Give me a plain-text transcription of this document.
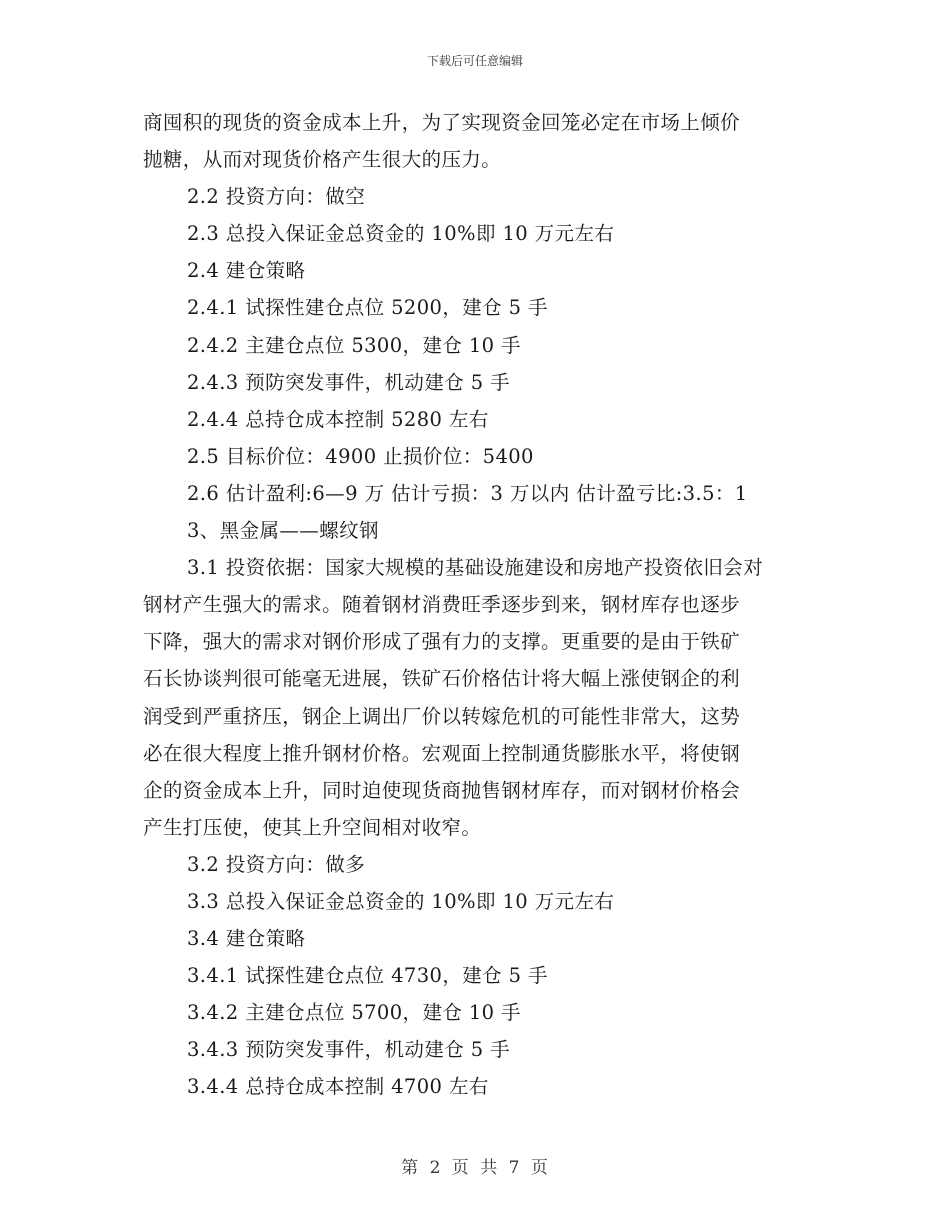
下载后可任意编辑
商囤积的现货的资金成本上升，为了实现资金回笼必定在市场上倾价
抛糖，从而对现货价格产生很大的压力。
2.2 投资方向：做空
2.3 总投入保证金总资金的 10%即 10 万元左右
2.4 建仓策略
2.4.1 试探性建仓点位 5200，建仓 5 手
2.4.2 主建仓点位 5300，建仓 10 手
2.4.3 预防突发事件，机动建仓 5 手
2.4.4 总持仓成本控制 5280 左右
2.5 目标价位：4900 止损价位：5400
2.6 估计盈利:6—9 万 估计亏损：3 万以内 估计盈亏比:3.5：1
3、黑金属——螺纹钢
3.1 投资依据：国家大规模的基础设施建设和房地产投资依旧会对
钢材产生强大的需求。随着钢材消费旺季逐步到来，钢材库存也逐步
下降，强大的需求对钢价形成了强有力的支撑。更重要的是由于铁矿
石长协谈判很可能毫无进展，铁矿石价格估计将大幅上涨使钢企的利
润受到严重挤压，钢企上调出厂价以转嫁危机的可能性非常大，这势
必在很大程度上推升钢材价格。宏观面上控制通货膨胀水平，将使钢
企的资金成本上升，同时迫使现货商抛售钢材库存，而对钢材价格会
产生打压使，使其上升空间相对收窄。
3.2 投资方向：做多
3.3 总投入保证金总资金的 10%即 10 万元左右
3.4 建仓策略
3.4.1 试探性建仓点位 4730，建仓 5 手
3.4.2 主建仓点位 5700，建仓 10 手
3.4.3 预防突发事件，机动建仓 5 手
3.4.4 总持仓成本控制 4700 左右
第 2 页 共 7 页
